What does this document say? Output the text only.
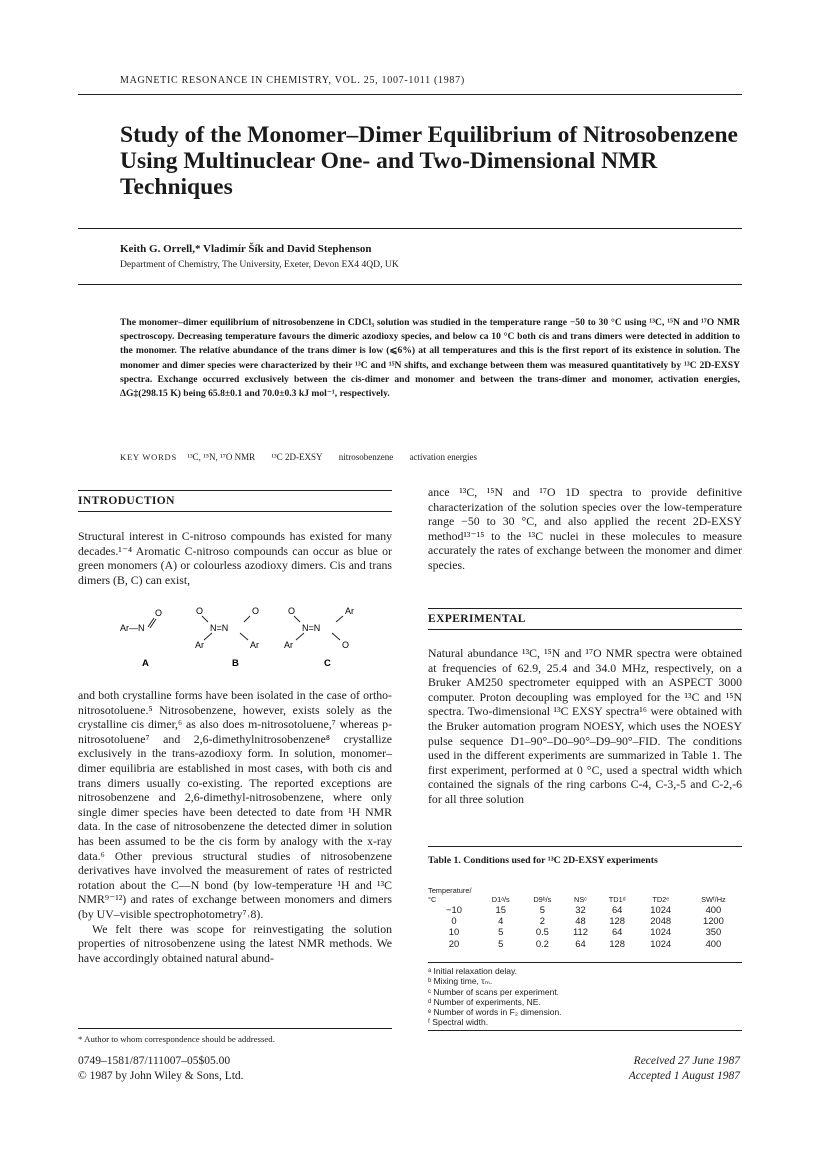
MAGNETIC RESONANCE IN CHEMISTRY, VOL. 25, 1007-1011 (1987)
Study of the Monomer–Dimer Equilibrium of Nitrosobenzene Using Multinuclear One- and Two-Dimensional NMR Techniques
Keith G. Orrell,* Vladimír Šík and David Stephenson
Department of Chemistry, The University, Exeter, Devon EX4 4QD, UK
The monomer–dimer equilibrium of nitrosobenzene in CDCl₃ solution was studied in the temperature range −50 to 30 °C using ¹³C, ¹⁵N and ¹⁷O NMR spectroscopy. Decreasing temperature favours the dimeric azodioxy species, and below ca 10 °C both cis and trans dimers were detected in addition to the monomer. The relative abundance of the trans dimer is low (⩽6%) at all temperatures and this is the first report of its existence in solution. The monomer and dimer species were characterized by their ¹³C and ¹⁵N shifts, and exchange between them was measured quantitatively by ¹³C 2D-EXSY spectra. Exchange occurred exclusively between the cis-dimer and monomer and between the trans-dimer and monomer, activation energies, ΔG‡(298.15 K) being 65.8±0.1 and 70.0±0.3 kJ mol⁻¹, respectively.
KEY WORDS ¹³C, ¹⁵N, ¹⁷O NMR ¹³C 2D-EXSY nitrosobenzene activation energies
INTRODUCTION

Structural interest in C-nitroso compounds has existed for many decades.¹⁻⁴ Aromatic C-nitroso compounds can occur as blue or green monomers (A) or colourless azodioxy dimers. Cis and trans dimers (B, C) can exist,

Ar—N
O	O	O
N=N
Ar	Ar
O	Ar
N=N
Ar	O
A	B	C

and both crystalline forms have been isolated in the case of ortho-nitrosotoluene.⁵ Nitrosobenzene, however, exists solely as the crystalline cis dimer,⁶ as also does m-nitrosotoluene,⁷ whereas p-nitrosotoluene⁷ and 2,6-dimethylnitrosobenzene⁸ crystallize exclusively in the trans-azodioxy form. In solution, monomer–dimer equilibria are established in most cases, with both cis and trans dimers usually co-existing. The reported exceptions are nitrosobenzene and 2,6-dimethyl-nitrosobenzene, where only single dimer species have been detected to date from ¹H NMR data. In the case of nitrosobenzene the detected dimer in solution has been assumed to be the cis form by analogy with the x-ray data.⁶ Other previous structural studies of nitrosobenzene derivatives have involved the measurement of rates of restricted rotation about the C—N bond (by low-temperature ¹H and ¹³C NMR⁹⁻¹²) and rates of exchange between monomers and dimers (by UV–visible spectrophotometry⁷˒8).

We felt there was scope for reinvestigating the solution properties of nitrosobenzene using the latest NMR methods. We have accordingly obtained natural abund-

ance ¹³C, ¹⁵N and ¹⁷O 1D spectra to provide definitive characterization of the solution species over the low-temperature range −50 to 30 °C, and also applied the recent 2D-EXSY method¹³⁻¹⁵ to the ¹³C nuclei in these molecules to measure accurately the rates of exchange between the monomer and dimer species.

EXPERIMENTAL

Natural abundance ¹³C, ¹⁵N and ¹⁷O NMR spectra were obtained at frequencies of 62.9, 25.4 and 34.0 MHz, respectively, on a Bruker AM250 spectrometer equipped with an ASPECT 3000 computer. Proton decoupling was employed for the ¹³C and ¹⁵N spectra. Two-dimensional ¹³C EXSY spectra¹⁶ were obtained with the Bruker automation program NOESY, which uses the NOESY pulse sequence D1–90°–D0–90°–D9–90°–FID. The conditions used in the different experiments are summarized in Table 1. The first experiment, performed at 0 °C, used a spectral width which contained the signals of the ring carbons C-4, C-3,-5 and C-2,-6 for all three solution

Table 1. Conditions used for ¹³C 2D-EXSY experiments
Temperature/ °C	D1ᵃ/s	D9ᵇ/s	NSᶜ	TD1ᵈ	TD2ᵉ	SWᶠ/Hz
−10	15	5	32	64	1024	400
0	4	2	48	128	2048	1200
10	5	0.5	112	64	1024	350
20	5	0.2	64	128	1024	400
ᵃ Initial relaxation delay.
ᵇ Mixing time, τₘ.
ᶜ Number of scans per experiment.
ᵈ Number of experiments, NE.
ᵉ Number of words in F₂ dimension.
ᶠ Spectral width.
* Author to whom correspondence should be addressed.
0749–1581/87/111007–05$05.00
© 1987 by John Wiley & Sons, Ltd.
Received 27 June 1987
Accepted 1 August 1987
